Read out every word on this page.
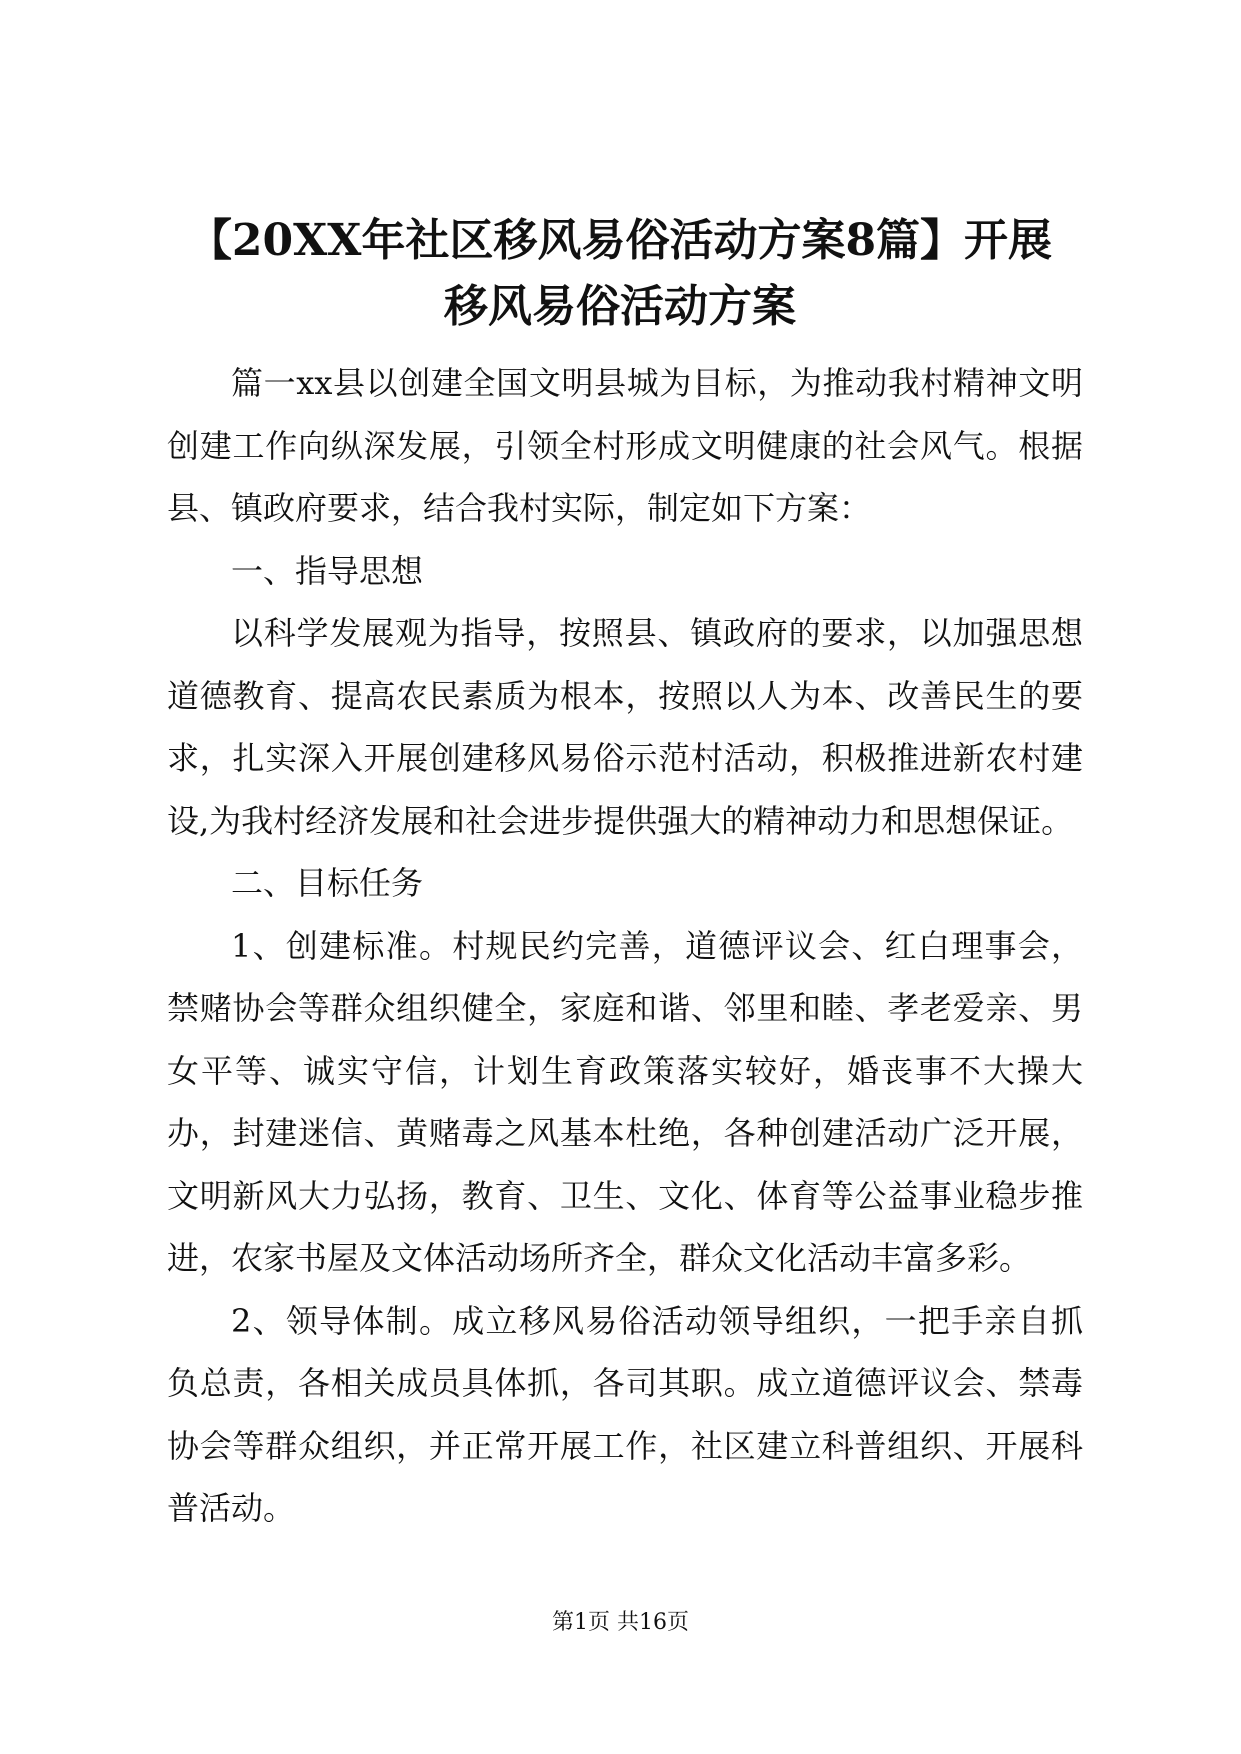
【20XX年社区移风易俗活动方案8篇】开展
移风易俗活动方案

篇一xx县以创建全国文明县城为目标，为推动我村精神文明创建工作向纵深发展，引领全村形成文明健康的社会风气。根据县、镇政府要求，结合我村实际，制定如下方案：

一、指导思想

以科学发展观为指导，按照县、镇政府的要求，以加强思想道德教育、提高农民素质为根本，按照以人为本、改善民生的要求，扎实深入开展创建移风易俗示范村活动，积极推进新农村建设,为我村经济发展和社会进步提供强大的精神动力和思想保证。

二、目标任务

1、创建标准。村规民约完善，道德评议会、红白理事会，禁赌协会等群众组织健全，家庭和谐、邻里和睦、孝老爱亲、男女平等、诚实守信，计划生育政策落实较好，婚丧事不大操大办，封建迷信、黄赌毒之风基本杜绝，各种创建活动广泛开展，文明新风大力弘扬，教育、卫生、文化、体育等公益事业稳步推进，农家书屋及文体活动场所齐全，群众文化活动丰富多彩。

2、领导体制。成立移风易俗活动领导组织，一把手亲自抓负总责，各相关成员具体抓，各司其职。成立道德评议会、禁毒协会等群众组织，并正常开展工作，社区建立科普组织、开展科普活动。

第1页 共16页
